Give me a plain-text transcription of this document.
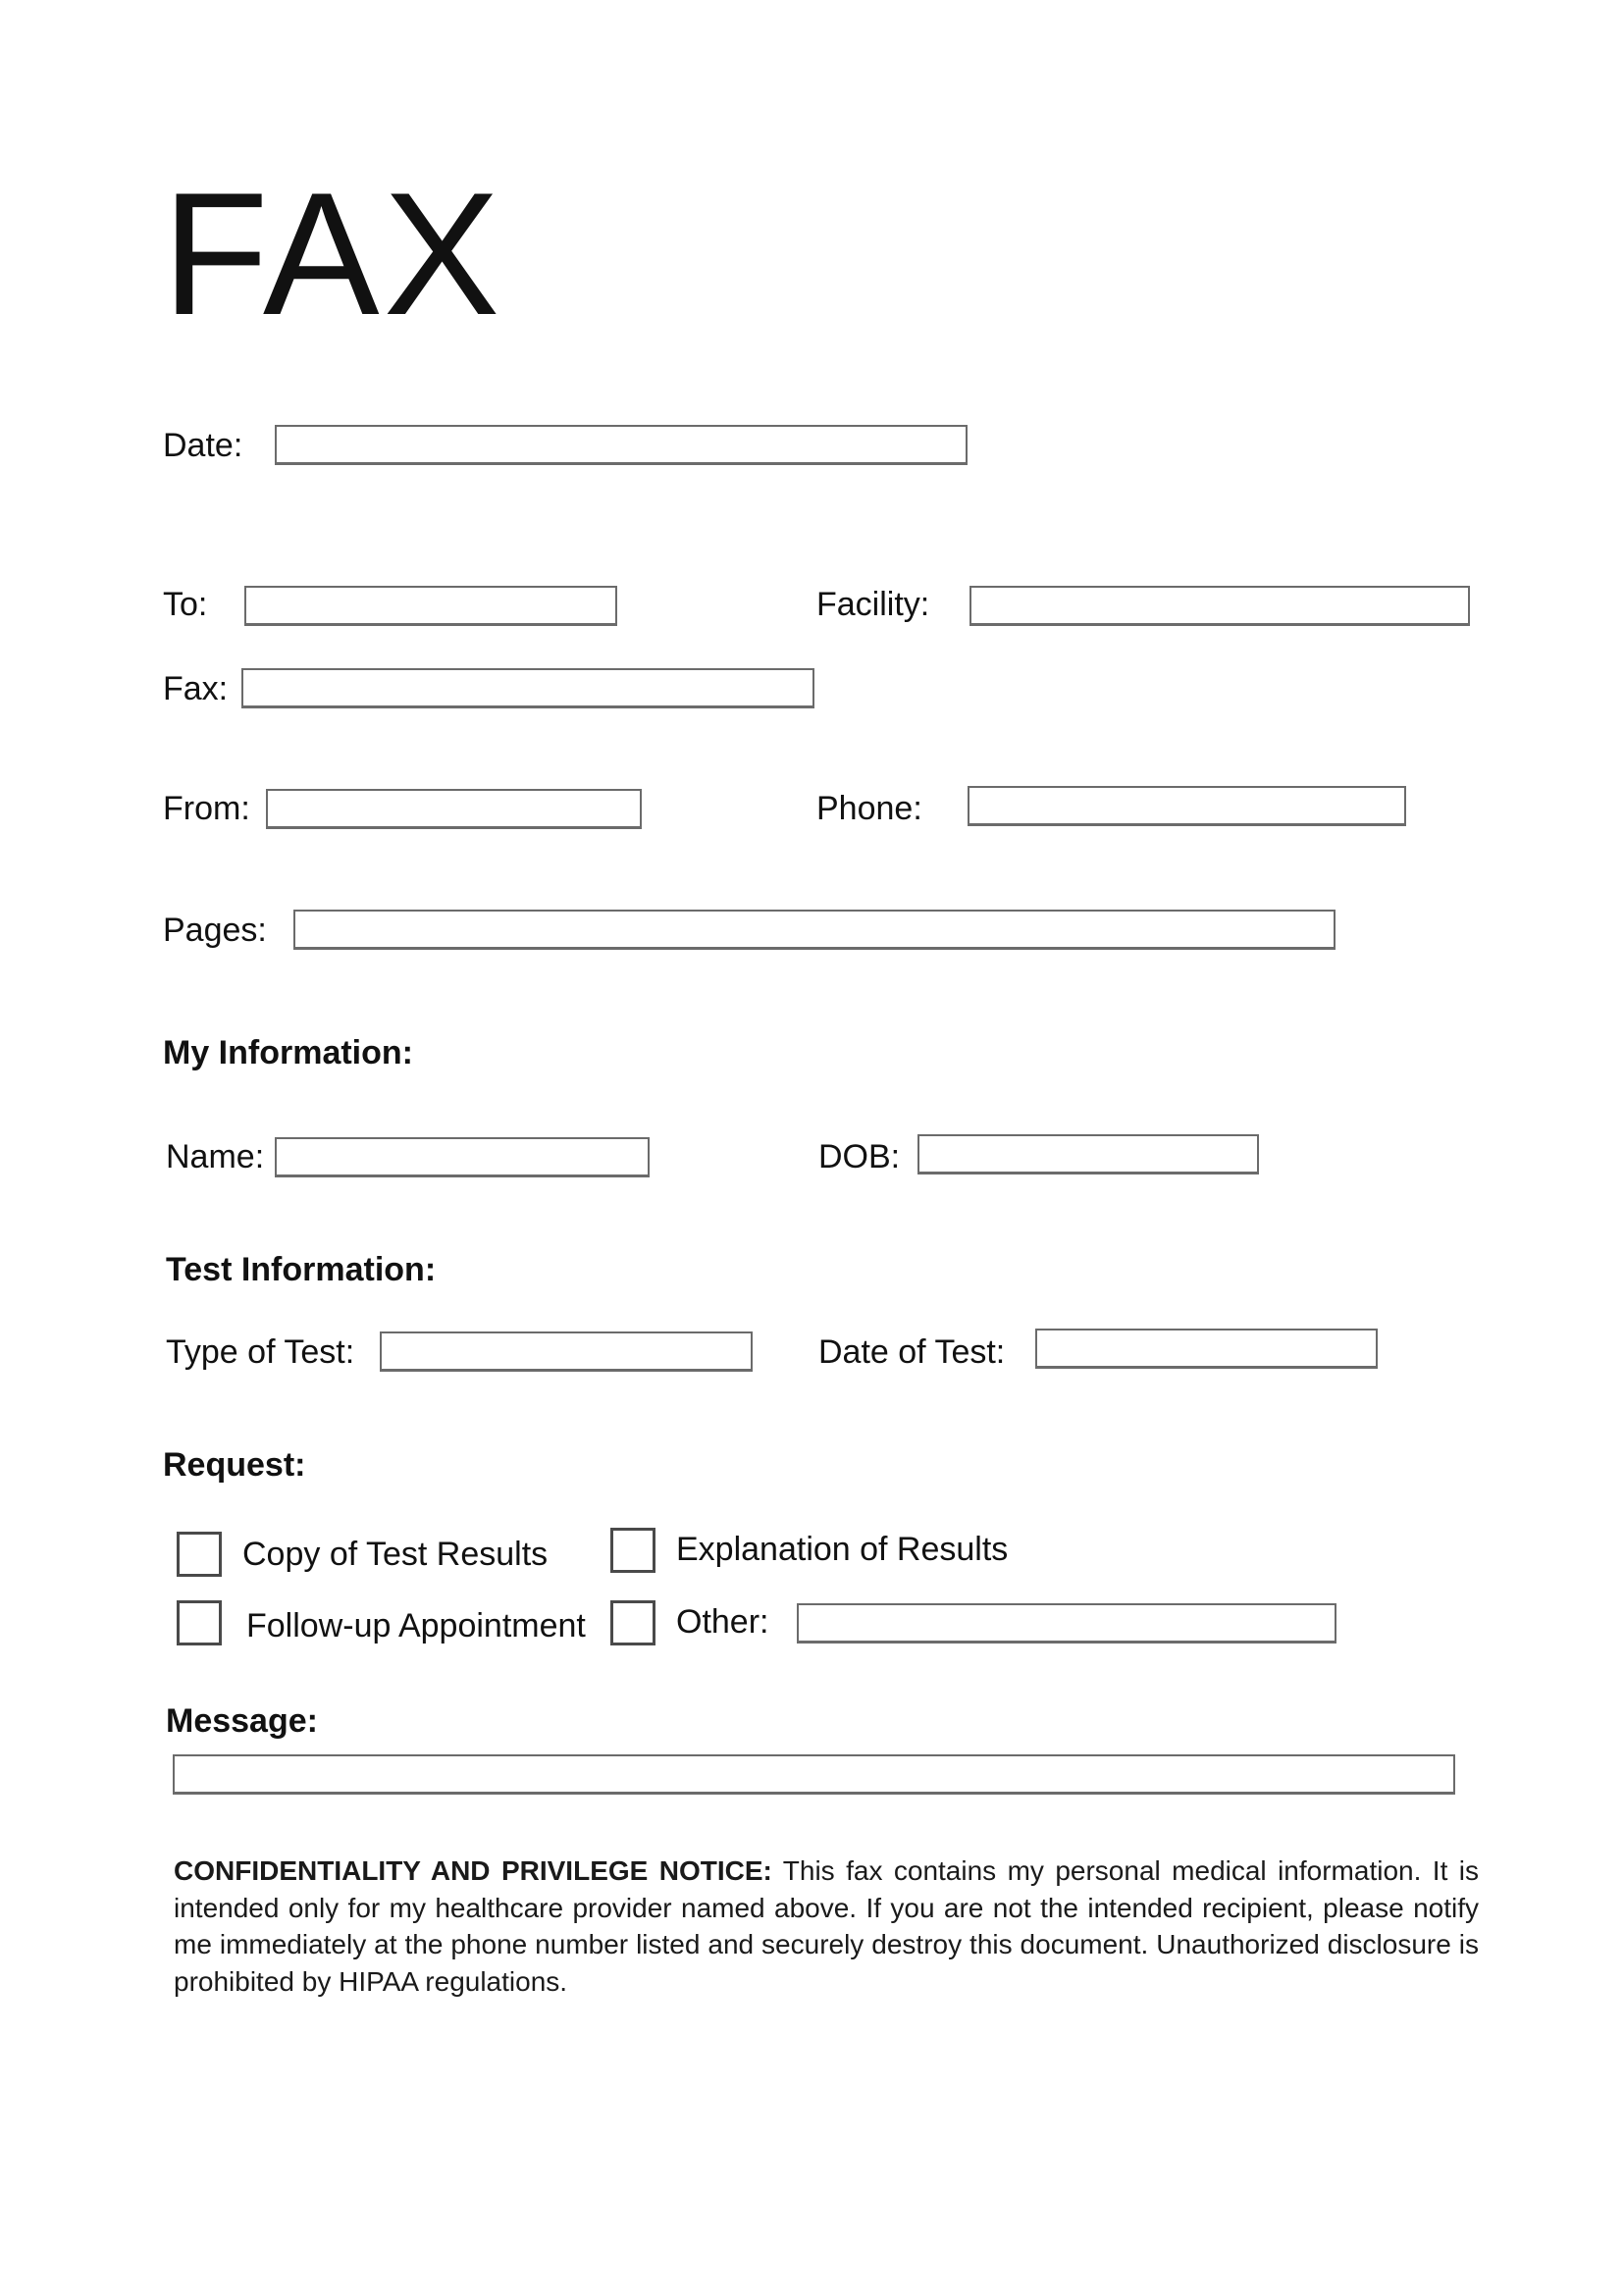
FAX
Date:
To:	Facility:
Fax:
From:	Phone:
Pages:
My Information:
Name:	DOB:
Test Information:
Type of Test:	Date of Test:
Request:
Copy of Test Results	Explanation of Results
Follow-up Appointment	Other:
Message:
CONFIDENTIALITY AND PRIVILEGE NOTICE: This fax contains my personal medical information. It is intended only for my healthcare provider named above. If you are not the intended recipient, please notify me immediately at the phone number listed and securely destroy this document. Unauthorized disclosure is prohibited by HIPAA regulations.
